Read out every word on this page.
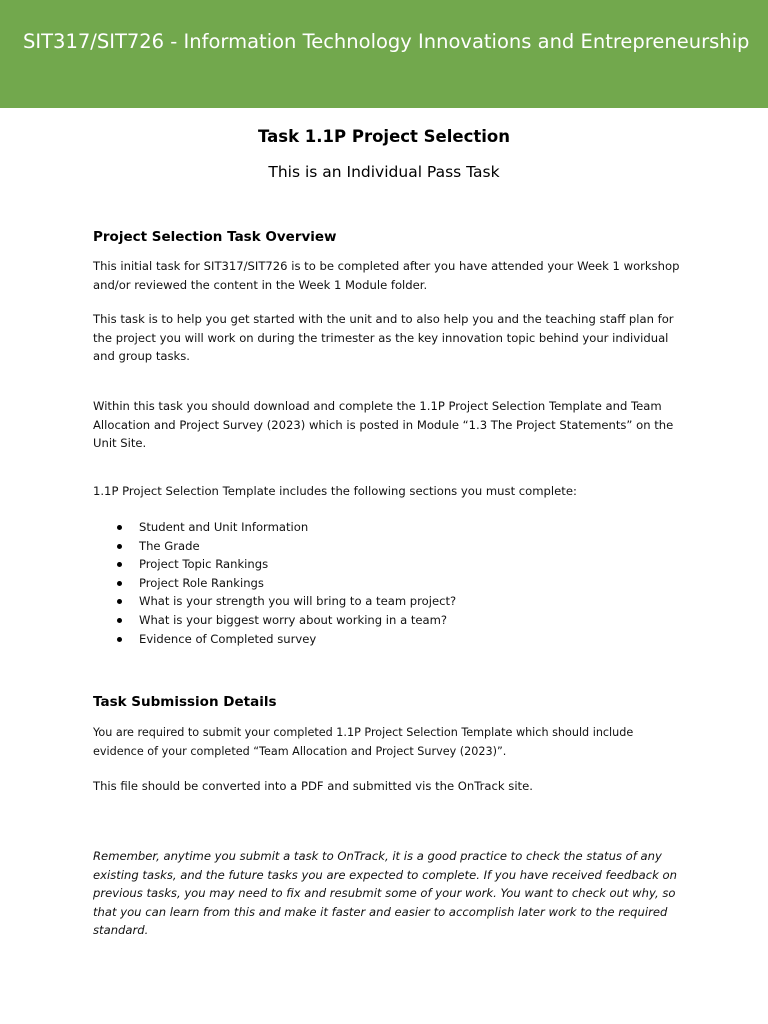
SIT317/SIT726 - Information Technology Innovations and Entrepreneurship
Task 1.1P Project Selection
This is an Individual Pass Task
Project Selection Task Overview
This initial task for SIT317/SIT726 is to be completed after you have attended your Week 1 workshop and/or reviewed the content in the Week 1 Module folder.
This task is to help you get started with the unit and to also help you and the teaching staff plan for the project you will work on during the trimester as the key innovation topic behind your individual and group tasks.
Within this task you should download and complete the 1.1P Project Selection Template and Team Allocation and Project Survey (2023) which is posted in Module “1.3 The Project Statements” on the Unit Site.
1.1P Project Selection Template includes the following sections you must complete:
Student and Unit Information
The Grade
Project Topic Rankings
Project Role Rankings
What is your strength you will bring to a team project?
What is your biggest worry about working in a team?
Evidence of Completed survey
Task Submission Details
You are required to submit your completed 1.1P Project Selection Template which should include evidence of your completed “Team Allocation and Project Survey (2023)”.
This file should be converted into a PDF and submitted vis the OnTrack site.
Remember, anytime you submit a task to OnTrack, it is a good practice to check the status of any existing tasks, and the future tasks you are expected to complete. If you have received feedback on previous tasks, you may need to fix and resubmit some of your work. You want to check out why, so that you can learn from this and make it faster and easier to accomplish later work to the required standard.
